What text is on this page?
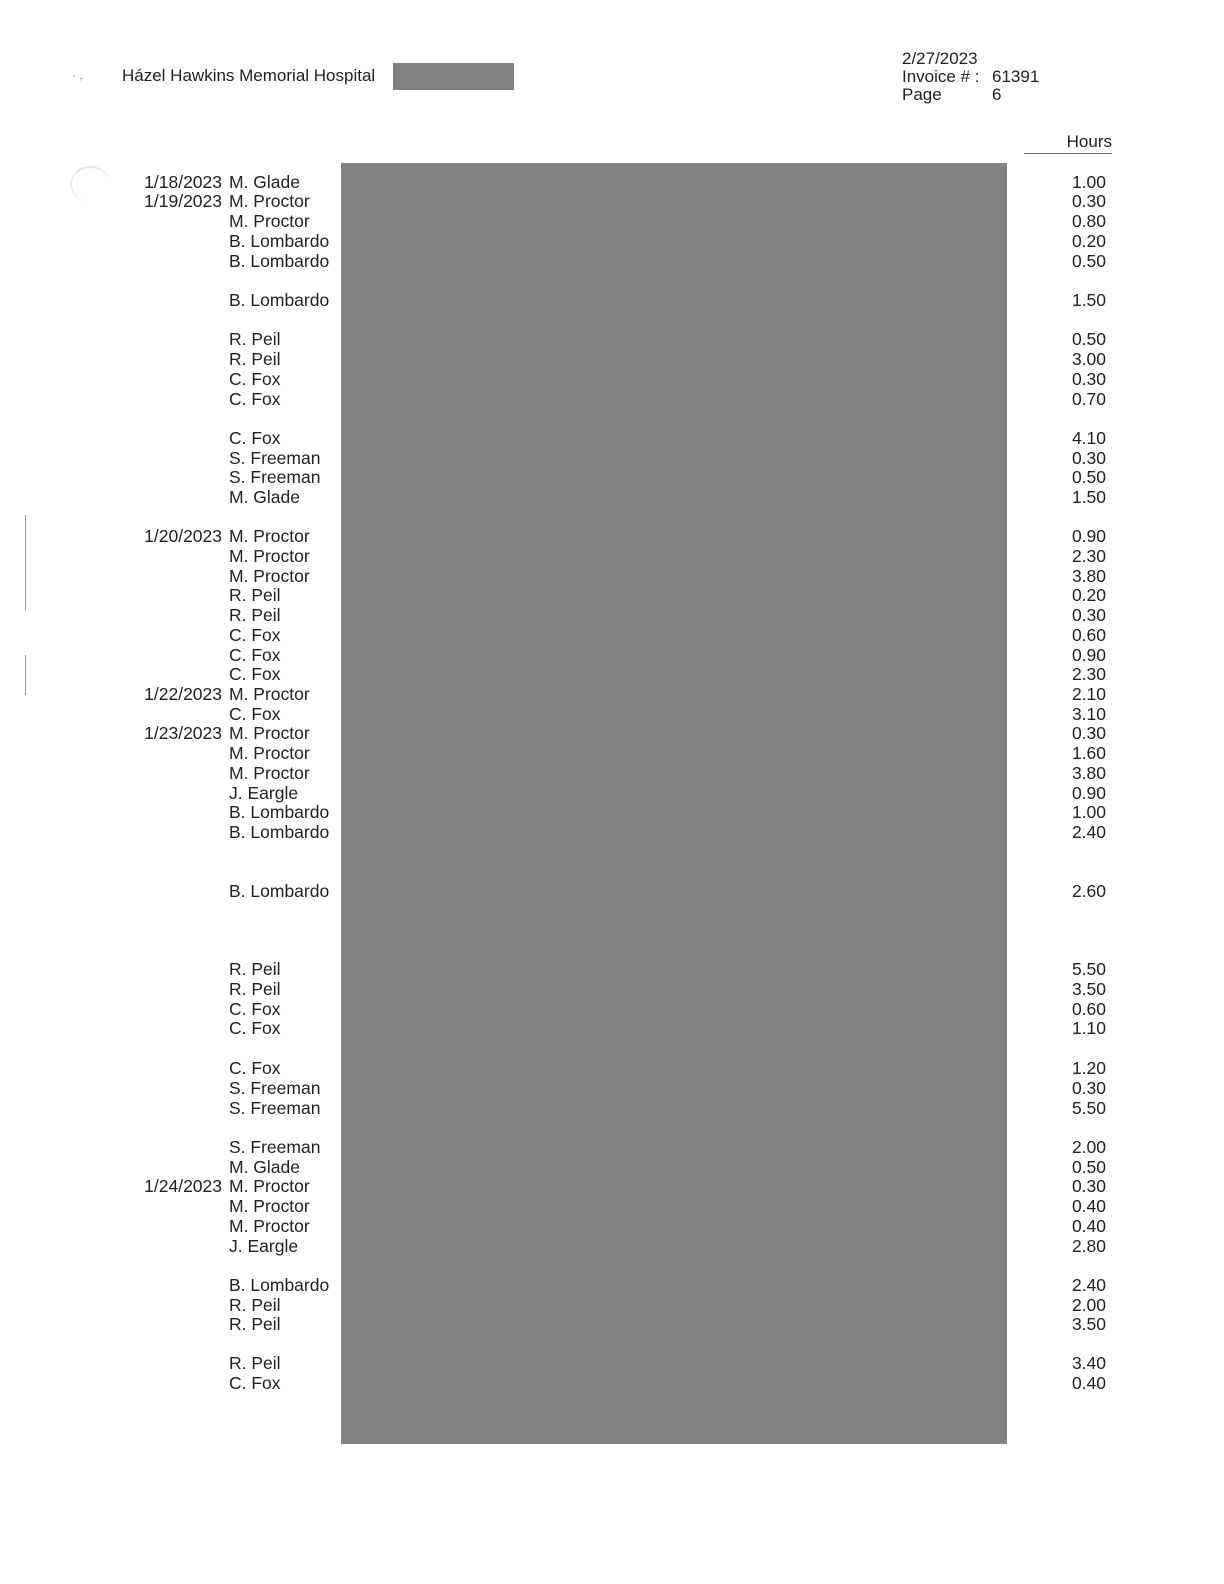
· , Házel Hawkins Memorial Hospital
2/27/2023
Invoice # : 61391
Page	6
Hours
1/18/2023 M. Glade	1.00
1/19/2023 M. Proctor	0.30
M. Proctor	0.80
B. Lombardo	0.20
B. Lombardo	0.50
B. Lombardo	1.50
R. Peil	0.50
R. Peil	3.00
C. Fox	0.30
C. Fox	0.70
C. Fox	4.10
S. Freeman	0.30
S. Freeman	0.50
M. Glade	1.50
1/20/2023 M. Proctor	0.90
M. Proctor	2.30
M. Proctor	3.80
R. Peil	0.20
R. Peil	0.30
C. Fox	0.60
C. Fox	0.90
C. Fox	2.30
1/22/2023 M. Proctor	2.10
C. Fox	3.10
1/23/2023 M. Proctor	0.30
M. Proctor	1.60
M. Proctor	3.80
J. Eargle	0.90
B. Lombardo	1.00
B. Lombardo	2.40
B. Lombardo	2.60
R. Peil	5.50
R. Peil	3.50
C. Fox	0.60
C. Fox	1.10
C. Fox	1.20
S. Freeman	0.30
S. Freeman	5.50
S. Freeman	2.00
M. Glade	0.50
1/24/2023 M. Proctor	0.30
M. Proctor	0.40
M. Proctor	0.40
J. Eargle	2.80
B. Lombardo	2.40
R. Peil	2.00
R. Peil	3.50
R. Peil	3.40
C. Fox	0.40
